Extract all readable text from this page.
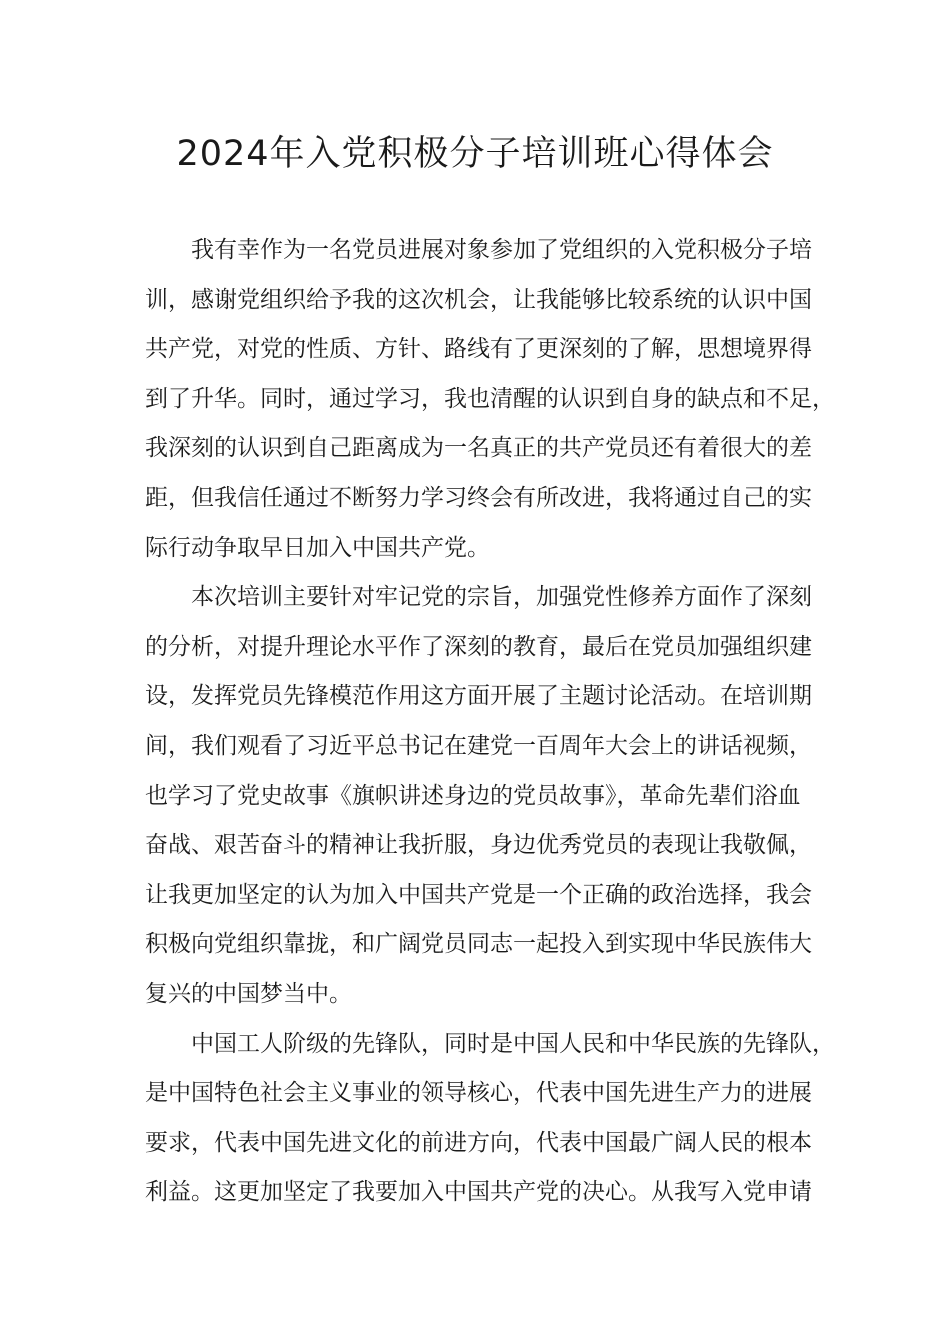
2024年入党积极分子培训班心得体会
我有幸作为一名党员进展对象参加了党组织的入党积极分子培
训，感谢党组织给予我的这次机会，让我能够比较系统的认识中国
共产党，对党的性质、方针、路线有了更深刻的了解，思想境界得
到了升华。同时，通过学习，我也清醒的认识到自身的缺点和不足，
我深刻的认识到自己距离成为一名真正的共产党员还有着很大的差
距，但我信任通过不断努力学习终会有所改进，我将通过自己的实
际行动争取早日加入中国共产党。
本次培训主要针对牢记党的宗旨，加强党性修养方面作了深刻
的分析，对提升理论水平作了深刻的教育，最后在党员加强组织建
设，发挥党员先锋模范作用这方面开展了主题讨论活动。在培训期
间，我们观看了习近平总书记在建党一百周年大会上的讲话视频，
也学习了党史故事《旗帜讲述身边的党员故事》，革命先辈们浴血
奋战、艰苦奋斗的精神让我折服，身边优秀党员的表现让我敬佩，
让我更加坚定的认为加入中国共产党是一个正确的政治选择，我会
积极向党组织靠拢，和广阔党员同志一起投入到实现中华民族伟大
复兴的中国梦当中。
中国工人阶级的先锋队，同时是中国人民和中华民族的先锋队，
是中国特色社会主义事业的领导核心，代表中国先进生产力的进展
要求，代表中国先进文化的前进方向，代表中国最广阔人民的根本
利益。这更加坚定了我要加入中国共产党的决心。从我写入党申请
